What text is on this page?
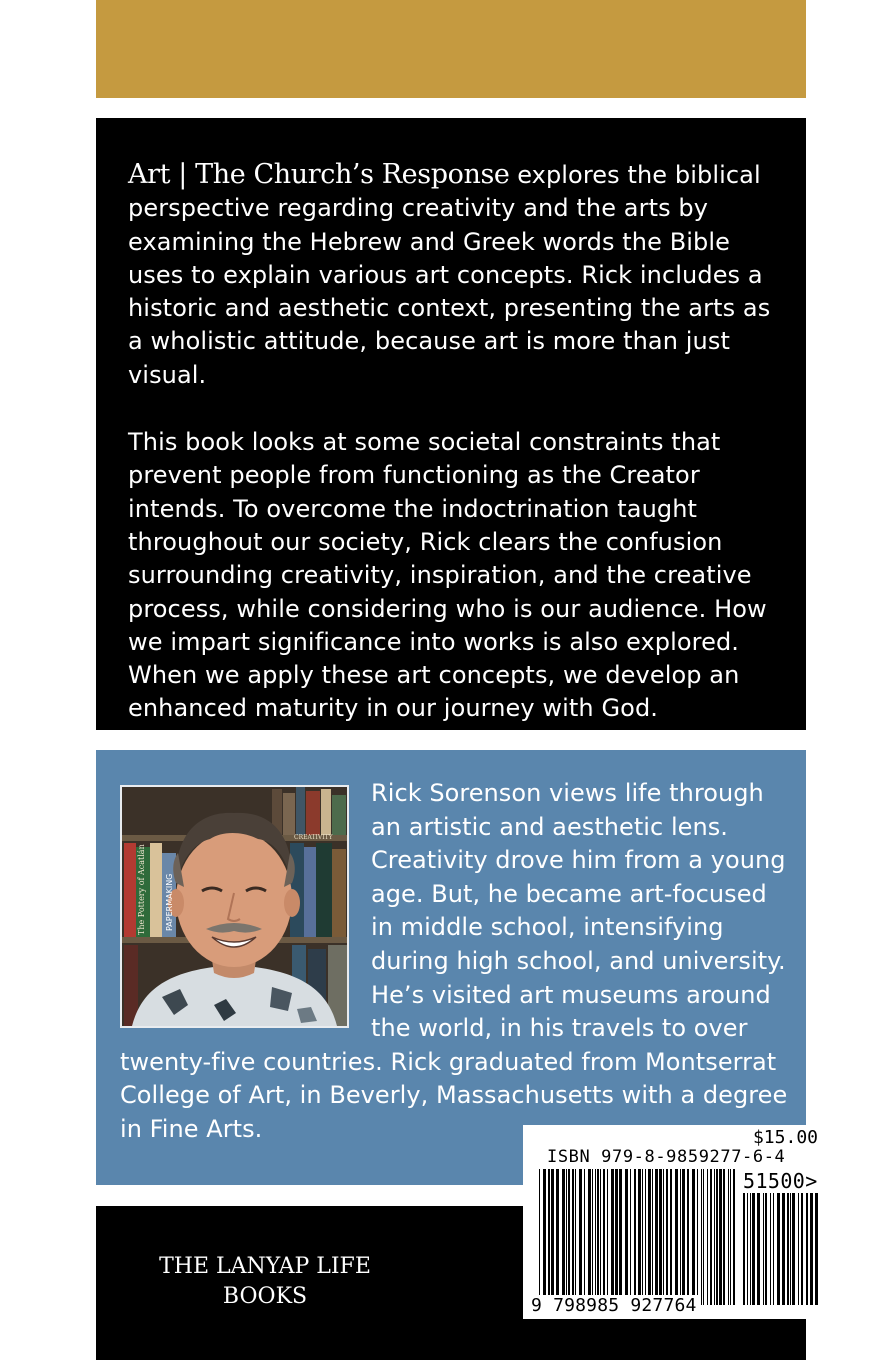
Art | The Church’s Response explores the biblical perspective regarding creativity and the arts by examining the Hebrew and Greek words the Bible uses to explain various art concepts. Rick includes a historic and aesthetic context, presenting the arts as a wholistic attitude, because art is more than just visual.

This book looks at some societal constraints that prevent people from functioning as the Creator intends. To overcome the indoctrination taught throughout our society, Rick clears the confusion surrounding creativity, inspiration, and the creative process, while considering who is our audience. How we impart significance into works is also explored. When we apply these art concepts, we develop an enhanced maturity in our journey with God.

The Pottery of Acatlán PAPERMAKING
CREATIVITY

Rick Sorenson views life through an artistic and aesthetic lens. Creativity drove him from a young age. But, he became art-focused in middle school, intensifying during high school, and university. He’s visited art museums around the world, in his travels to over twenty-five countries. Rick graduated from Montserrat College of Art, in Beverly, Massachusetts with a degree in Fine Arts.

THE LANYAP LIFE
BOOKS
$15.00
ISBN 979-8-9859277-6-4
51500>
9 798985 927764
